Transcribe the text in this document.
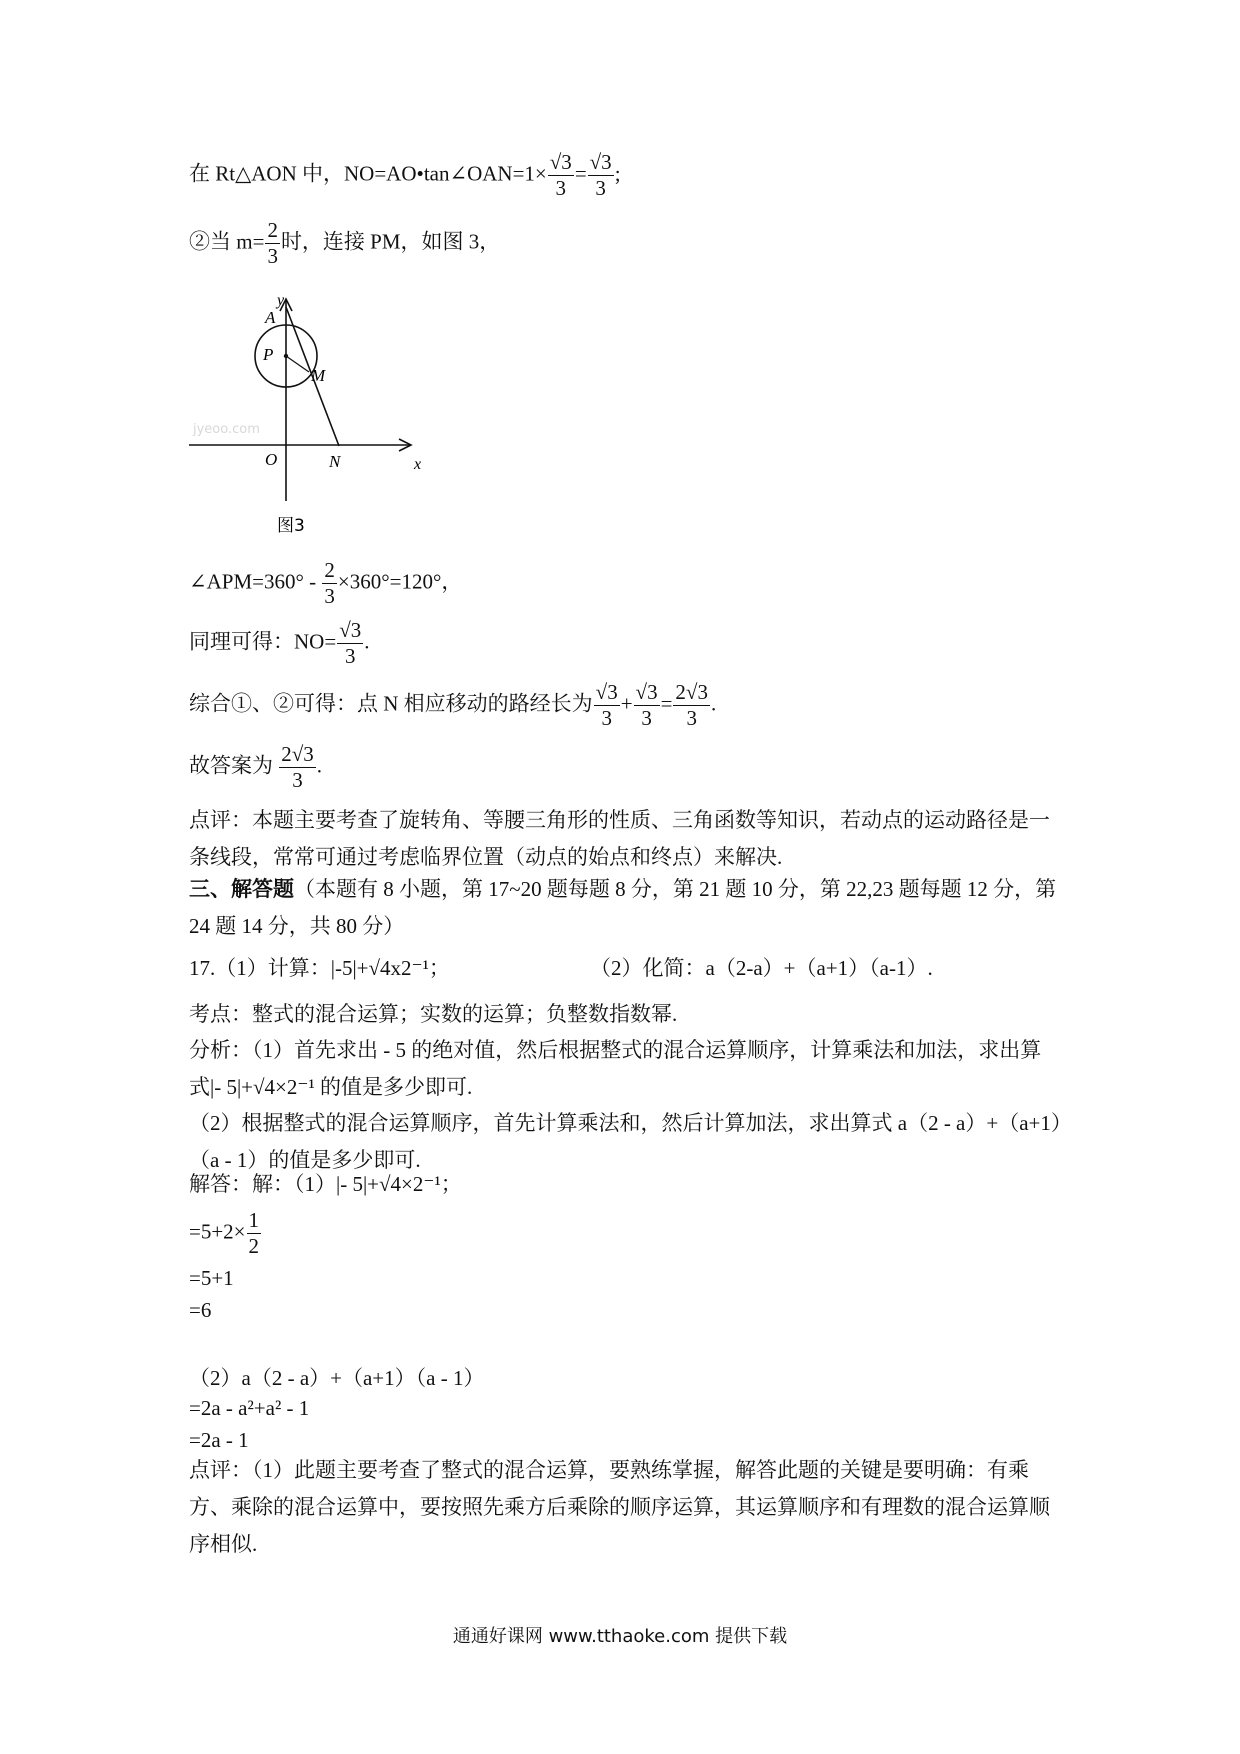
在 Rt△AON 中，NO=AO•tan∠OAN=1× $\frac{√3}{3} = \frac{√3}{3}$ ;
②当 $m= \frac{2}{3}$ 时，连接 PM，如图 3，
y
A
P
M
O	N	x
jyeoo.com
图3
∠APM=360° - $\frac{2}{3} \times 360^\circ=120^\circ$，
同理可得：$NO= \frac{√3}{3}$ .
综合①、②可得：点 N 相应移动的路经长为 $\frac{√3}{3} + \frac{√3}{3} = \frac{2√3}{3}$ .
故答案为 $\frac{2√3}{3}$ .
点评：本题主要考查了旋转角、等腰三角形的性质、三角函数等知识，若动点的运动路径是一条线段，常常可通过考虑临界位置（动点的始点和终点）来解决.
三、解答题（本题有 8 小题，第 17~20 题每题 8 分，第 21 题 10 分，第 22,23 题每题 12 分，第 24 题 14 分，共 80 分）
17.（1）计算：|-5|+√4x2⁻¹；	（2）化简：a（2-a）+（a+1）（a-1）.
考点：整式的混合运算；实数的运算；负整数指数幂.
分析：（1）首先求出 - 5 的绝对值，然后根据整式的混合运算顺序，计算乘法和加法，求出算式|- 5|+√4×2⁻¹ 的值是多少即可.
（2）根据整式的混合运算顺序，首先计算乘法和，然后计算加法，求出算式 a（2 - a）+（a+1）（a - 1）的值是多少即可.
解答：解：（1）|- 5|+√4×2⁻¹；
$=5+2\times \frac{1}{2}$
=5+1
=6
（2）a（2 - a）+（a+1）（a - 1）
=2a - a²+a² - 1
=2a - 1
点评：（1）此题主要考查了整式的混合运算，要熟练掌握，解答此题的关键是要明确：有乘方、乘除的混合运算中，要按照先乘方后乘除的顺序运算，其运算顺序和有理数的混合运算顺序相似.
通通好课网 www.tthaoke.com 提供下载
